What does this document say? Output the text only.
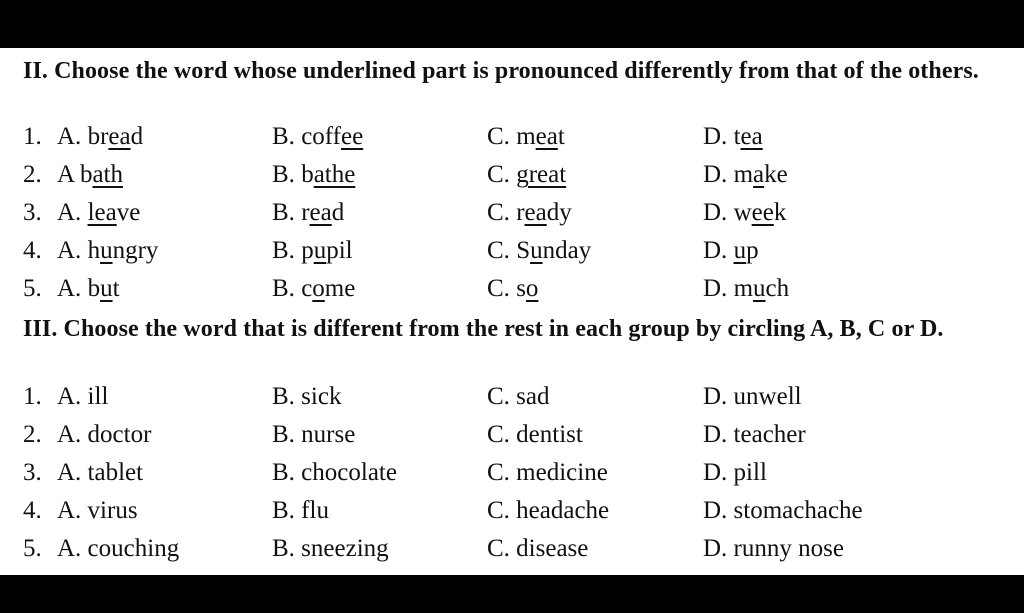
II. Choose the word whose underlined part is pronounced differently from that of the others.
1. A. bread	B. coffee	C. meat	D. tea
2. A bath	B. bathe	C. great	D. make
3. A. leave	B. read	C. ready	D. week
4. A. hungry	B. pupil	C. Sunday	D. up
5. A. but	B. come	C. so	D. much
III. Choose the word that is different from the rest in each group by circling A, B, C or D.
1. A. ill	B. sick	C. sad	D. unwell
2. A. doctor	B. nurse	C. dentist	D. teacher
3. A. tablet	B. chocolate	C. medicine	D. pill
4. A. virus	B. flu	C. headache	D. stomachache
5. A. couching	B. sneezing	C. disease	D. runny nose
